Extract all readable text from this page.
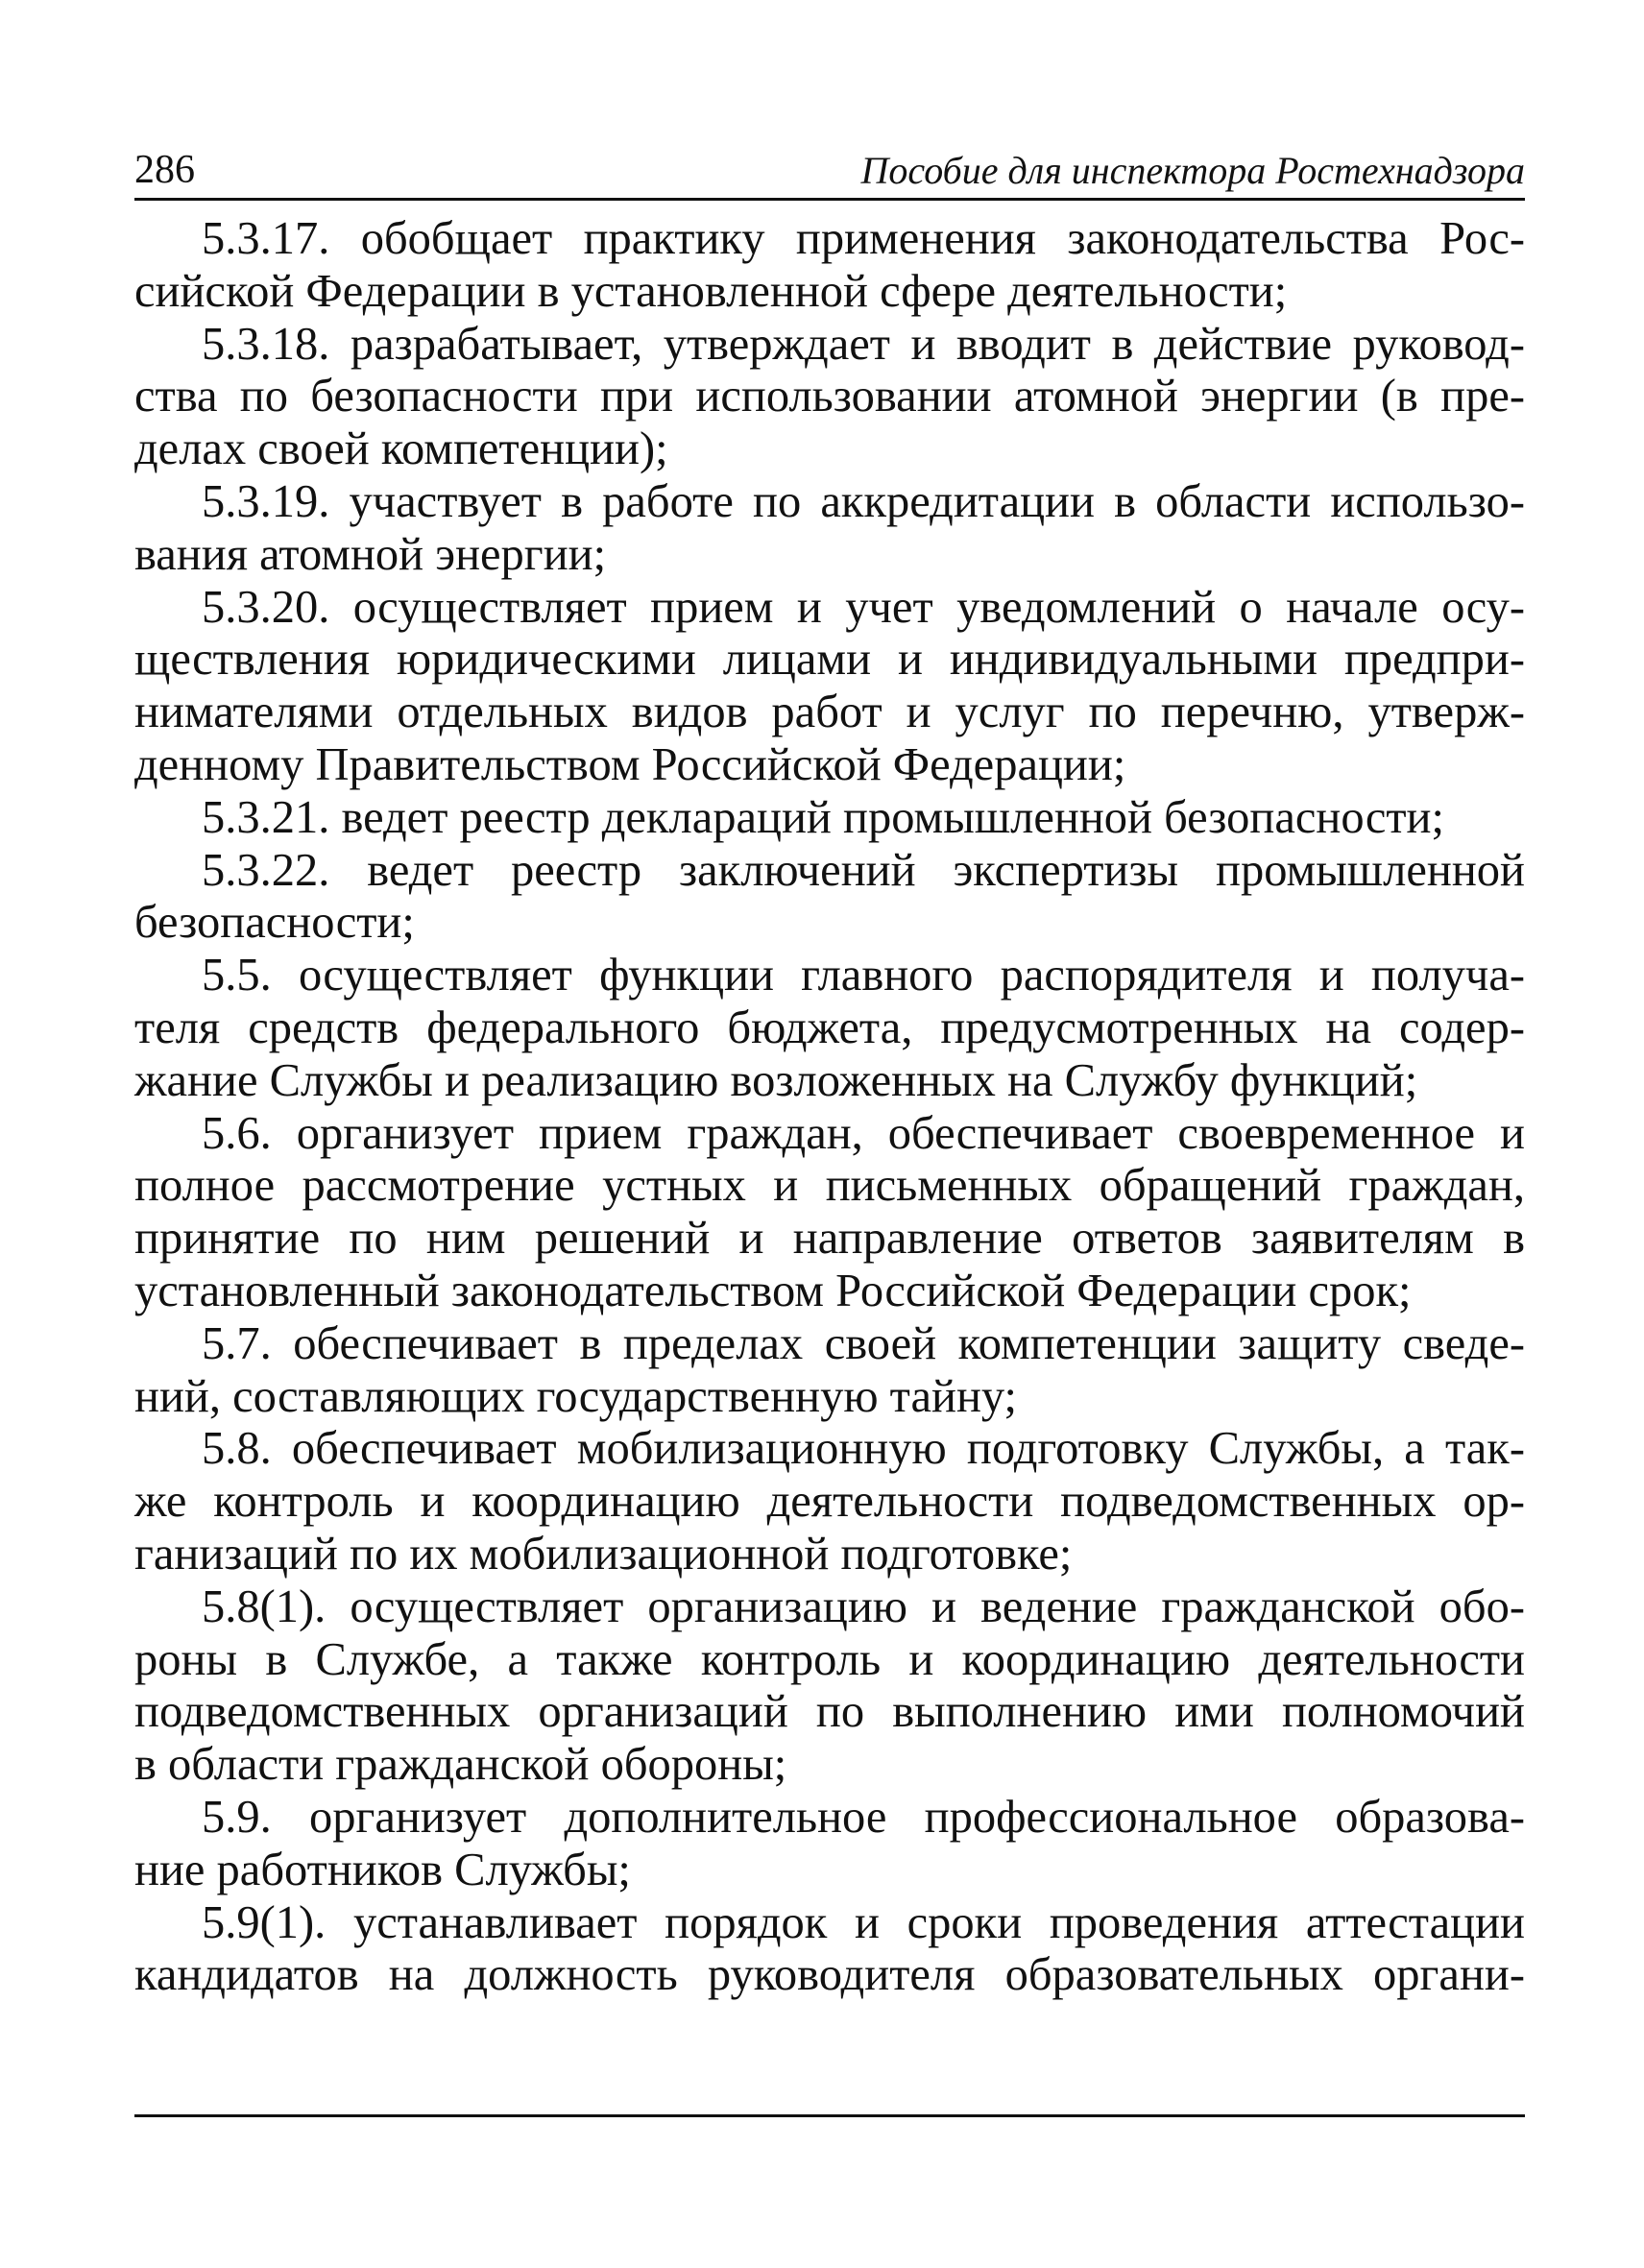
286	Пособие для инспектора Ростехнадзора

5.3.17. обобщает практику применения законодательства Рос-
сийской Федерации в установленной сфере деятельности;

5.3.18. разрабатывает, утверждает и вводит в действие руковод-
ства по безопасности при использовании атомной энергии (в пре-
делах своей компетенции);

5.3.19. участвует в работе по аккредитации в области использо-
вания атомной энергии;

5.3.20. осуществляет прием и учет уведомлений о начале осу-
ществления юридическими лицами и индивидуальными предпри-
нимателями отдельных видов работ и услуг по перечню, утверж-
денному Правительством Российской Федерации;

5.3.21. ведет реестр деклараций промышленной безопасности;

5.3.22. ведет реестр заключений экспертизы промышленной
безопасности;

5.5. осуществляет функции главного распорядителя и получа-
теля средств федерального бюджета, предусмотренных на содер-
жание Службы и реализацию возложенных на Службу функций;

5.6. организует прием граждан, обеспечивает своевременное и
полное рассмотрение устных и письменных обращений граждан,
принятие по ним решений и направление ответов заявителям в
установленный законодательством Российской Федерации срок;

5.7. обеспечивает в пределах своей компетенции защиту сведе-
ний, составляющих государственную тайну;

5.8. обеспечивает мобилизационную подготовку Службы, а так-
же контроль и координацию деятельности подведомственных ор-
ганизаций по их мобилизационной подготовке;

5.8(1). осуществляет организацию и ведение гражданской обо-
роны в Службе, а также контроль и координацию деятельности
подведомственных организаций по выполнению ими полномочий
в области гражданской обороны;

5.9. организует дополнительное профессиональное образова-
ние работников Службы;

5.9(1). устанавливает порядок и сроки проведения аттестации
кандидатов на должность руководителя образовательных органи-
